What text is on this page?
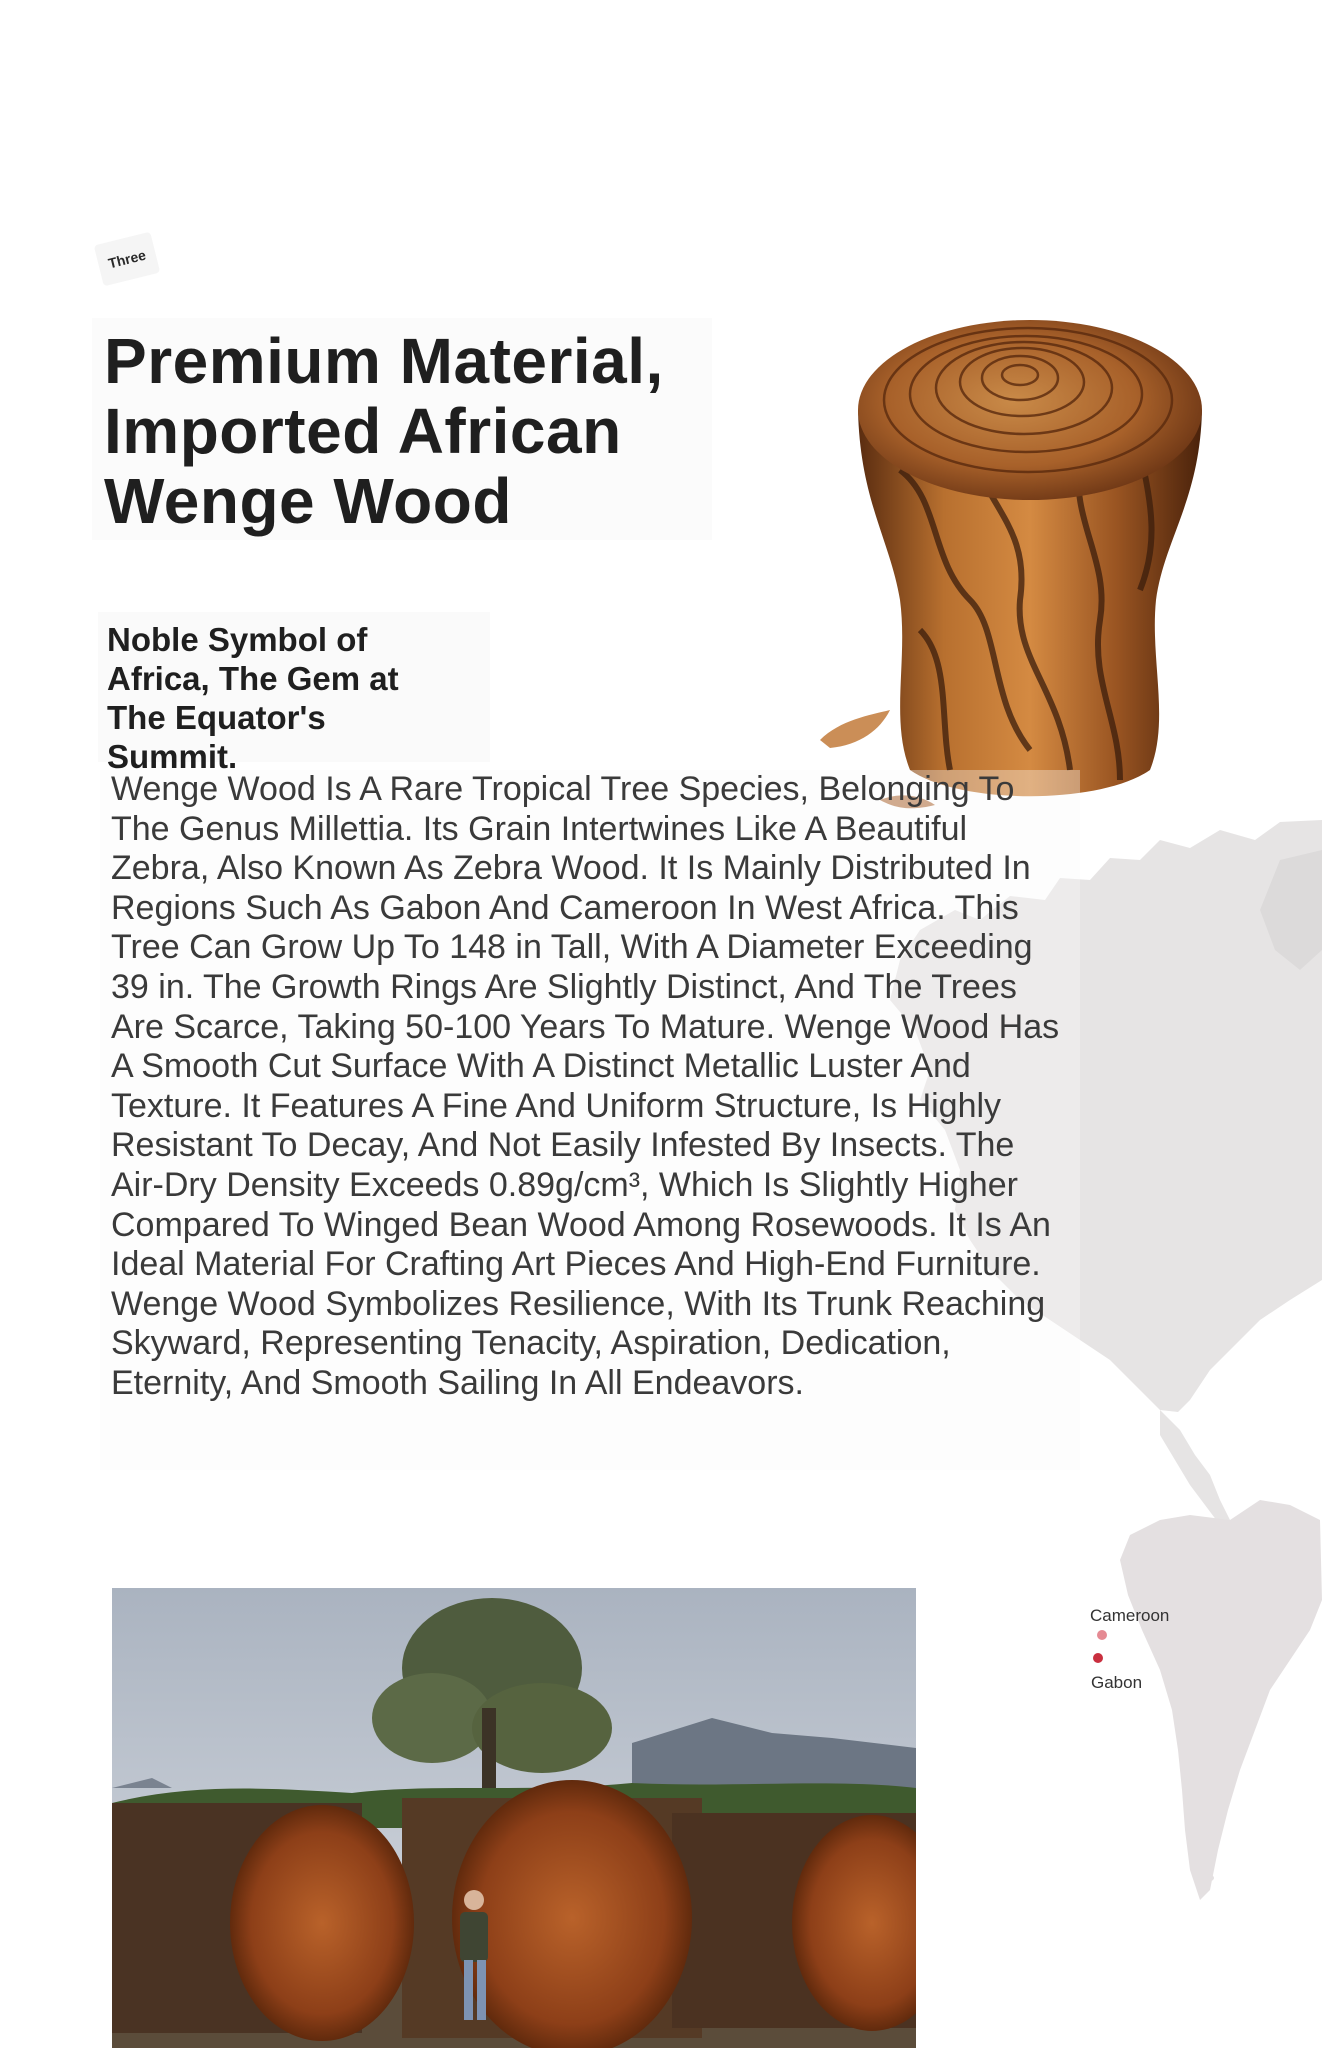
Three
Premium Material, Imported African Wenge Wood
Noble Symbol of Africa, The Gem at The Equator's Summit.

Wenge Wood Is A Rare Tropical Tree Species, Belonging To The Genus Millettia. Its Grain Intertwines Like A Beautiful Zebra, Also Known As Zebra Wood. It Is Mainly Distributed In Regions Such As Gabon And Cameroon In West Africa. This Tree Can Grow Up To 148 in Tall, With A Diameter Exceeding 39 in. The Growth Rings Are Slightly Distinct, And The Trees Are Scarce, Taking 50-100 Years To Mature. Wenge Wood Has A Smooth Cut Surface With A Distinct Metallic Luster And Texture. It Features A Fine And Uniform Structure, Is Highly Resistant To Decay, And Not Easily Infested By Insects. The Air-Dry Density Exceeds 0.89g/cm³, Which Is Slightly Higher Compared To Winged Bean Wood Among Rosewoods. It Is An Ideal Material For Crafting Art Pieces And High-End Furniture. Wenge Wood Symbolizes Resilience, With Its Trunk Reaching Skyward, Representing Tenacity, Aspiration, Dedication, Eternity, And Smooth Sailing In All Endeavors.

Cameroon
Gabon
